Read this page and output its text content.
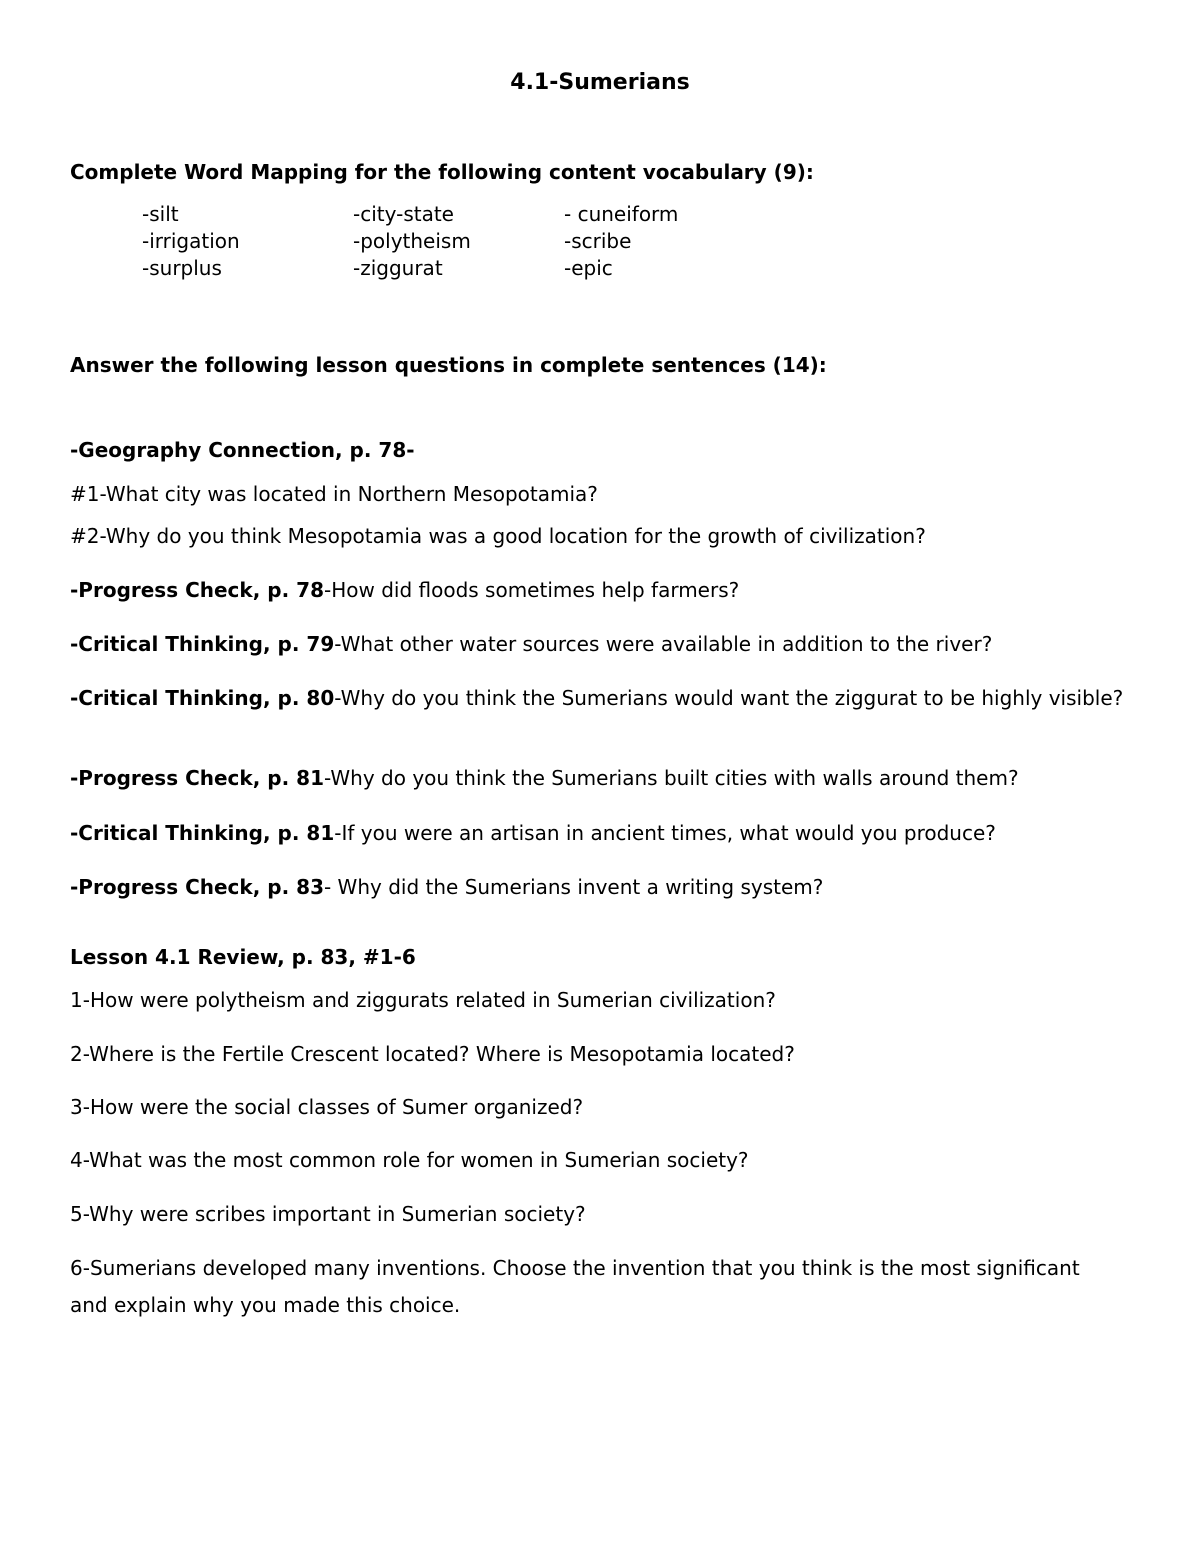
4.1-Sumerians
Complete Word Mapping for the following content vocabulary (9):
-silt	-city-state	- cuneiform
-irrigation	-polytheism	-scribe
-surplus	-ziggurat	-epic
Answer the following lesson questions in complete sentences (14):
-Geography Connection, p. 78-
#1-What city was located in Northern Mesopotamia?
#2-Why do you think Mesopotamia was a good location for the growth of civilization?
-Progress Check, p. 78-How did floods sometimes help farmers?
-Critical Thinking, p. 79-What other water sources were available in addition to the river?
-Critical Thinking, p. 80-Why do you think the Sumerians would want the ziggurat to be highly visible?
-Progress Check, p. 81-Why do you think the Sumerians built cities with walls around them?
-Critical Thinking, p. 81-If you were an artisan in ancient times, what would you produce?
-Progress Check, p. 83- Why did the Sumerians invent a writing system?
Lesson 4.1 Review, p. 83, #1-6
1-How were polytheism and ziggurats related in Sumerian civilization?
2-Where is the Fertile Crescent located? Where is Mesopotamia located?
3-How were the social classes of Sumer organized?
4-What was the most common role for women in Sumerian society?
5-Why were scribes important in Sumerian society?
6-Sumerians developed many inventions. Choose the invention that you think is the most significant and explain why you made this choice.
